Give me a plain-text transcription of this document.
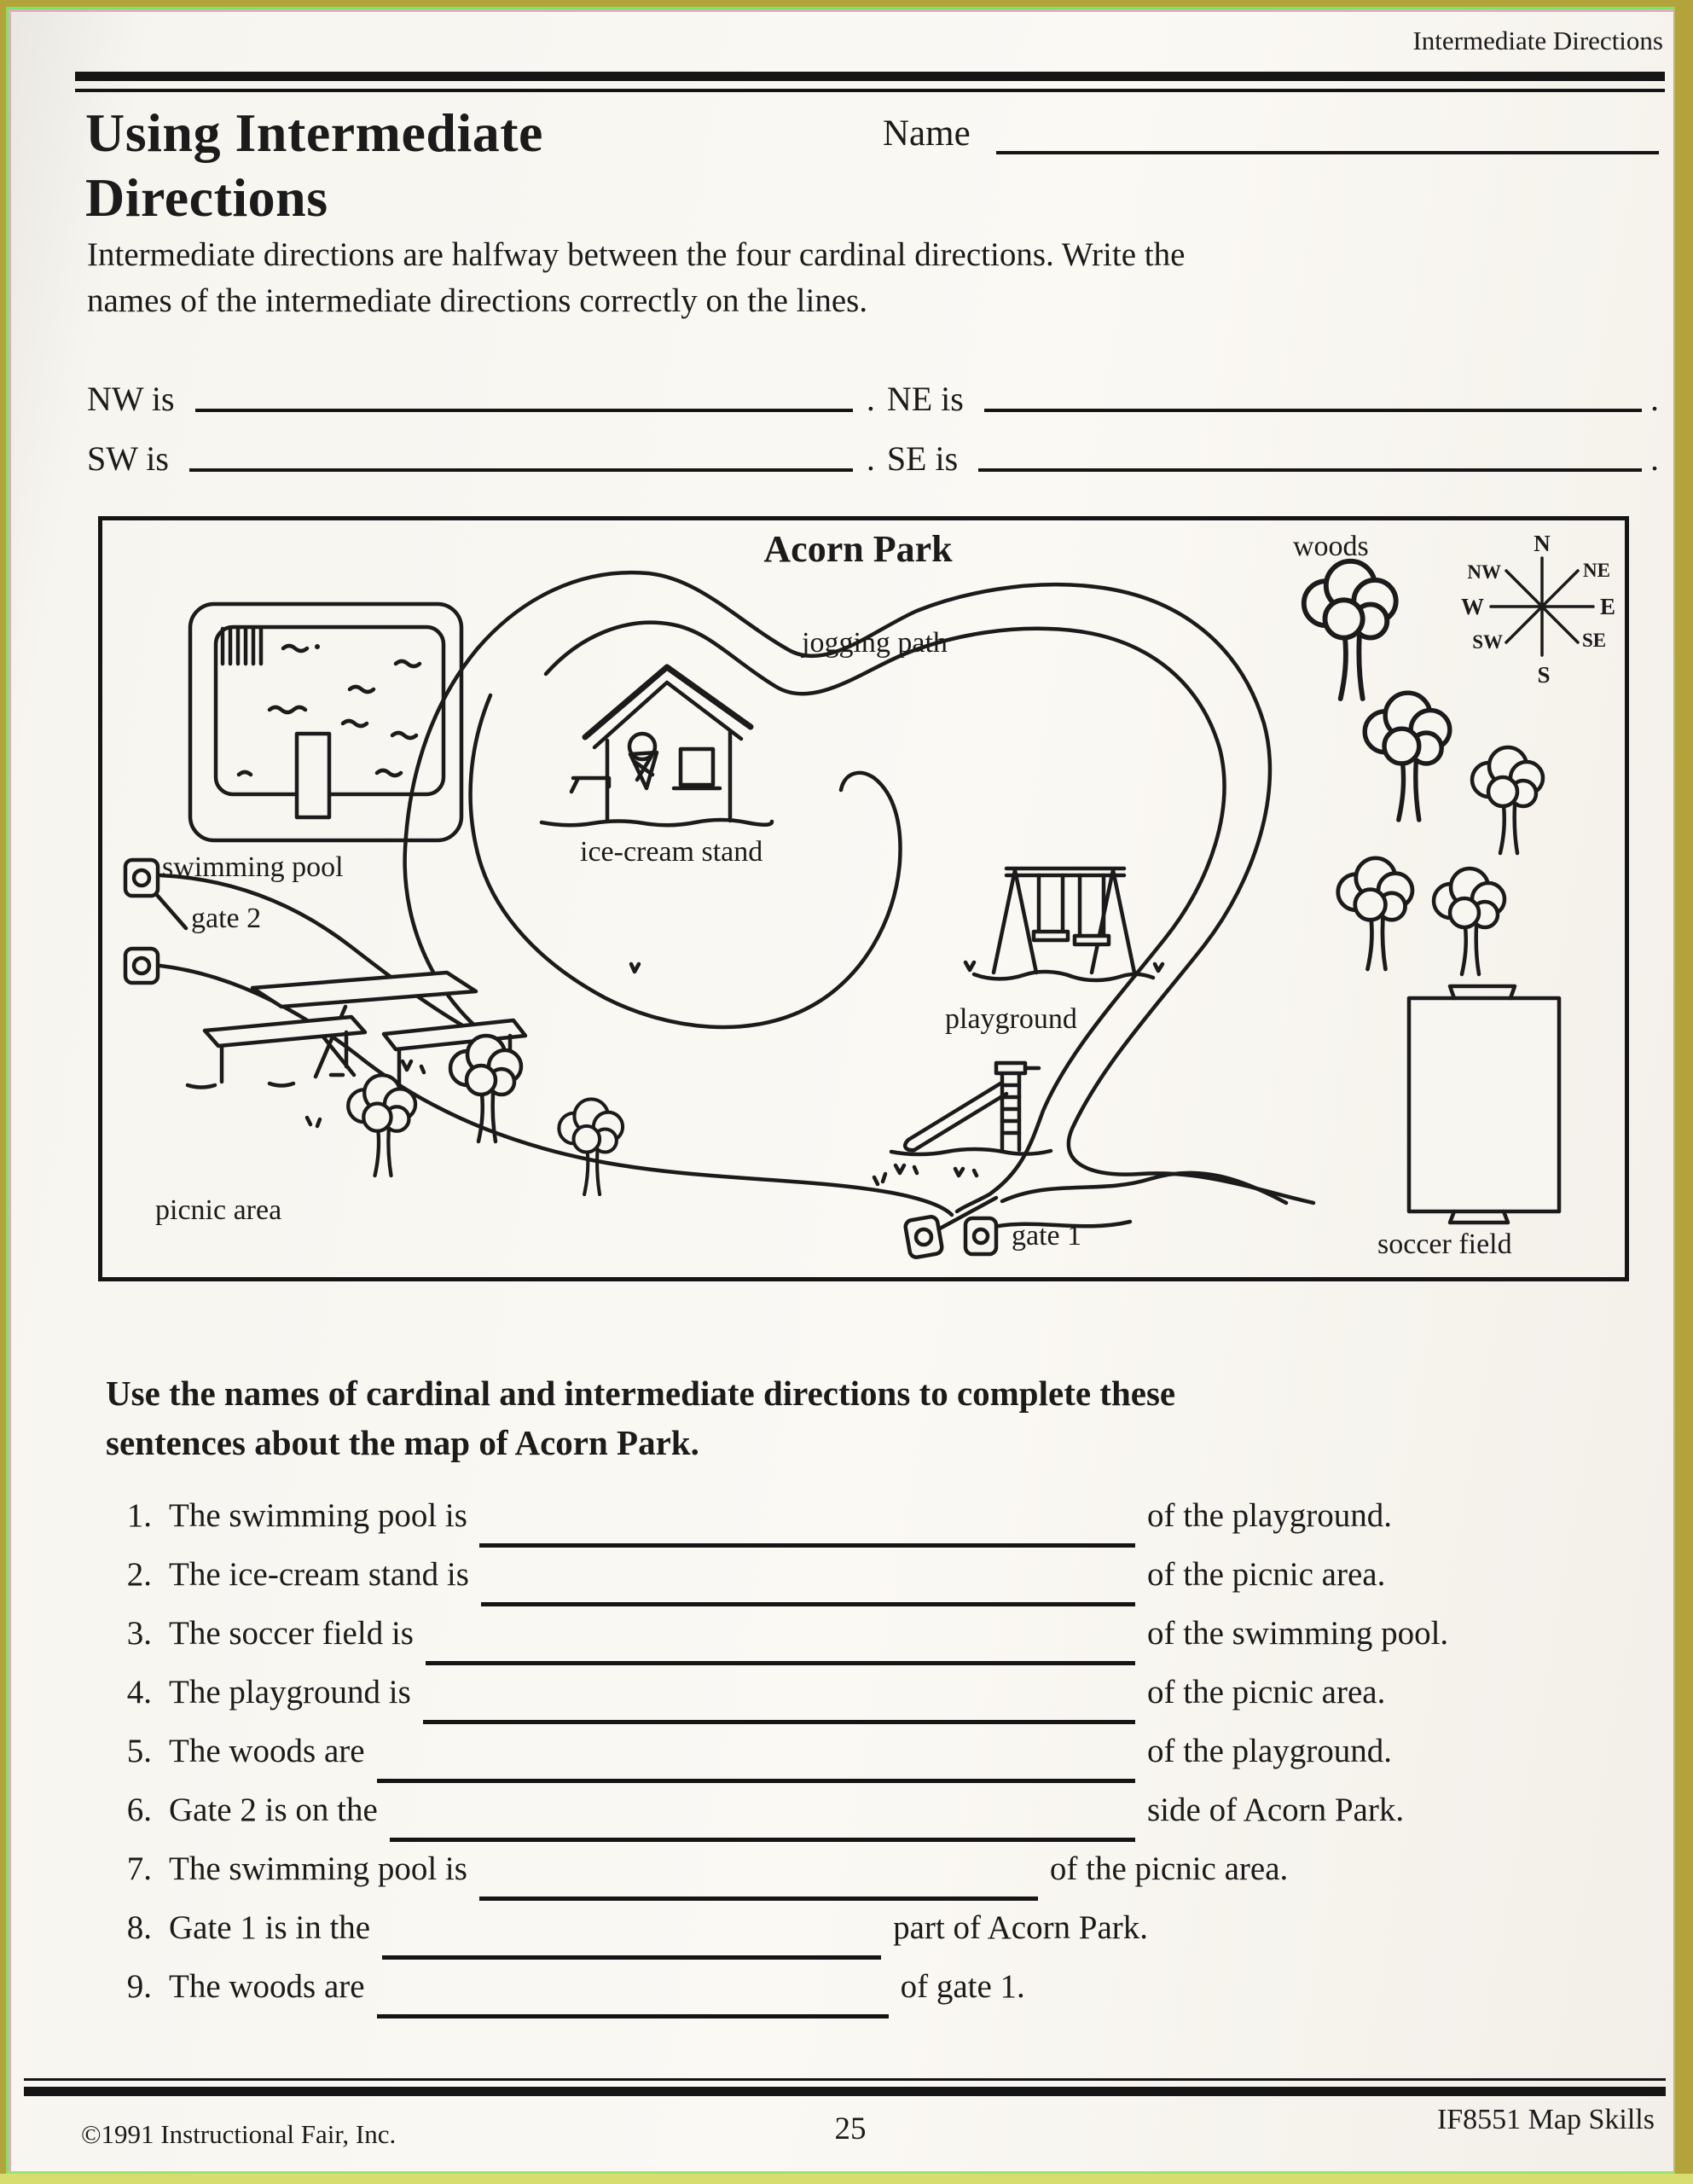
Intermediate Directions
Using Intermediate Directions
Name

Intermediate directions are halfway between the four cardinal directions. Write the
names of the intermediate directions correctly on the lines.

NW is	. NE is	.
SW is	. SE is	.
N
S
W	E
NW	NE
SW	SE
Acorn Park	woods
jogging path
swimming pool	ice-cream stand
playground
gate 2
picnic area
gate 1	soccer field

Use the names of cardinal and intermediate directions to complete these
sentences about the map of Acorn Park.

1. The swimming pool is	of the playground.
2. The ice-cream stand is	of the picnic area.
3. The soccer field is	of the swimming pool.
4. The playground is	of the picnic area.
5. The woods are	of the playground.
6. Gate 2 is on the	side of Acorn Park.
7. The swimming pool is	of the picnic area.
8. Gate 1 is in the	part of Acorn Park.
9. The woods are	of gate 1.
©1991 Instructional Fair, Inc.	25	IF8551 Map Skills
